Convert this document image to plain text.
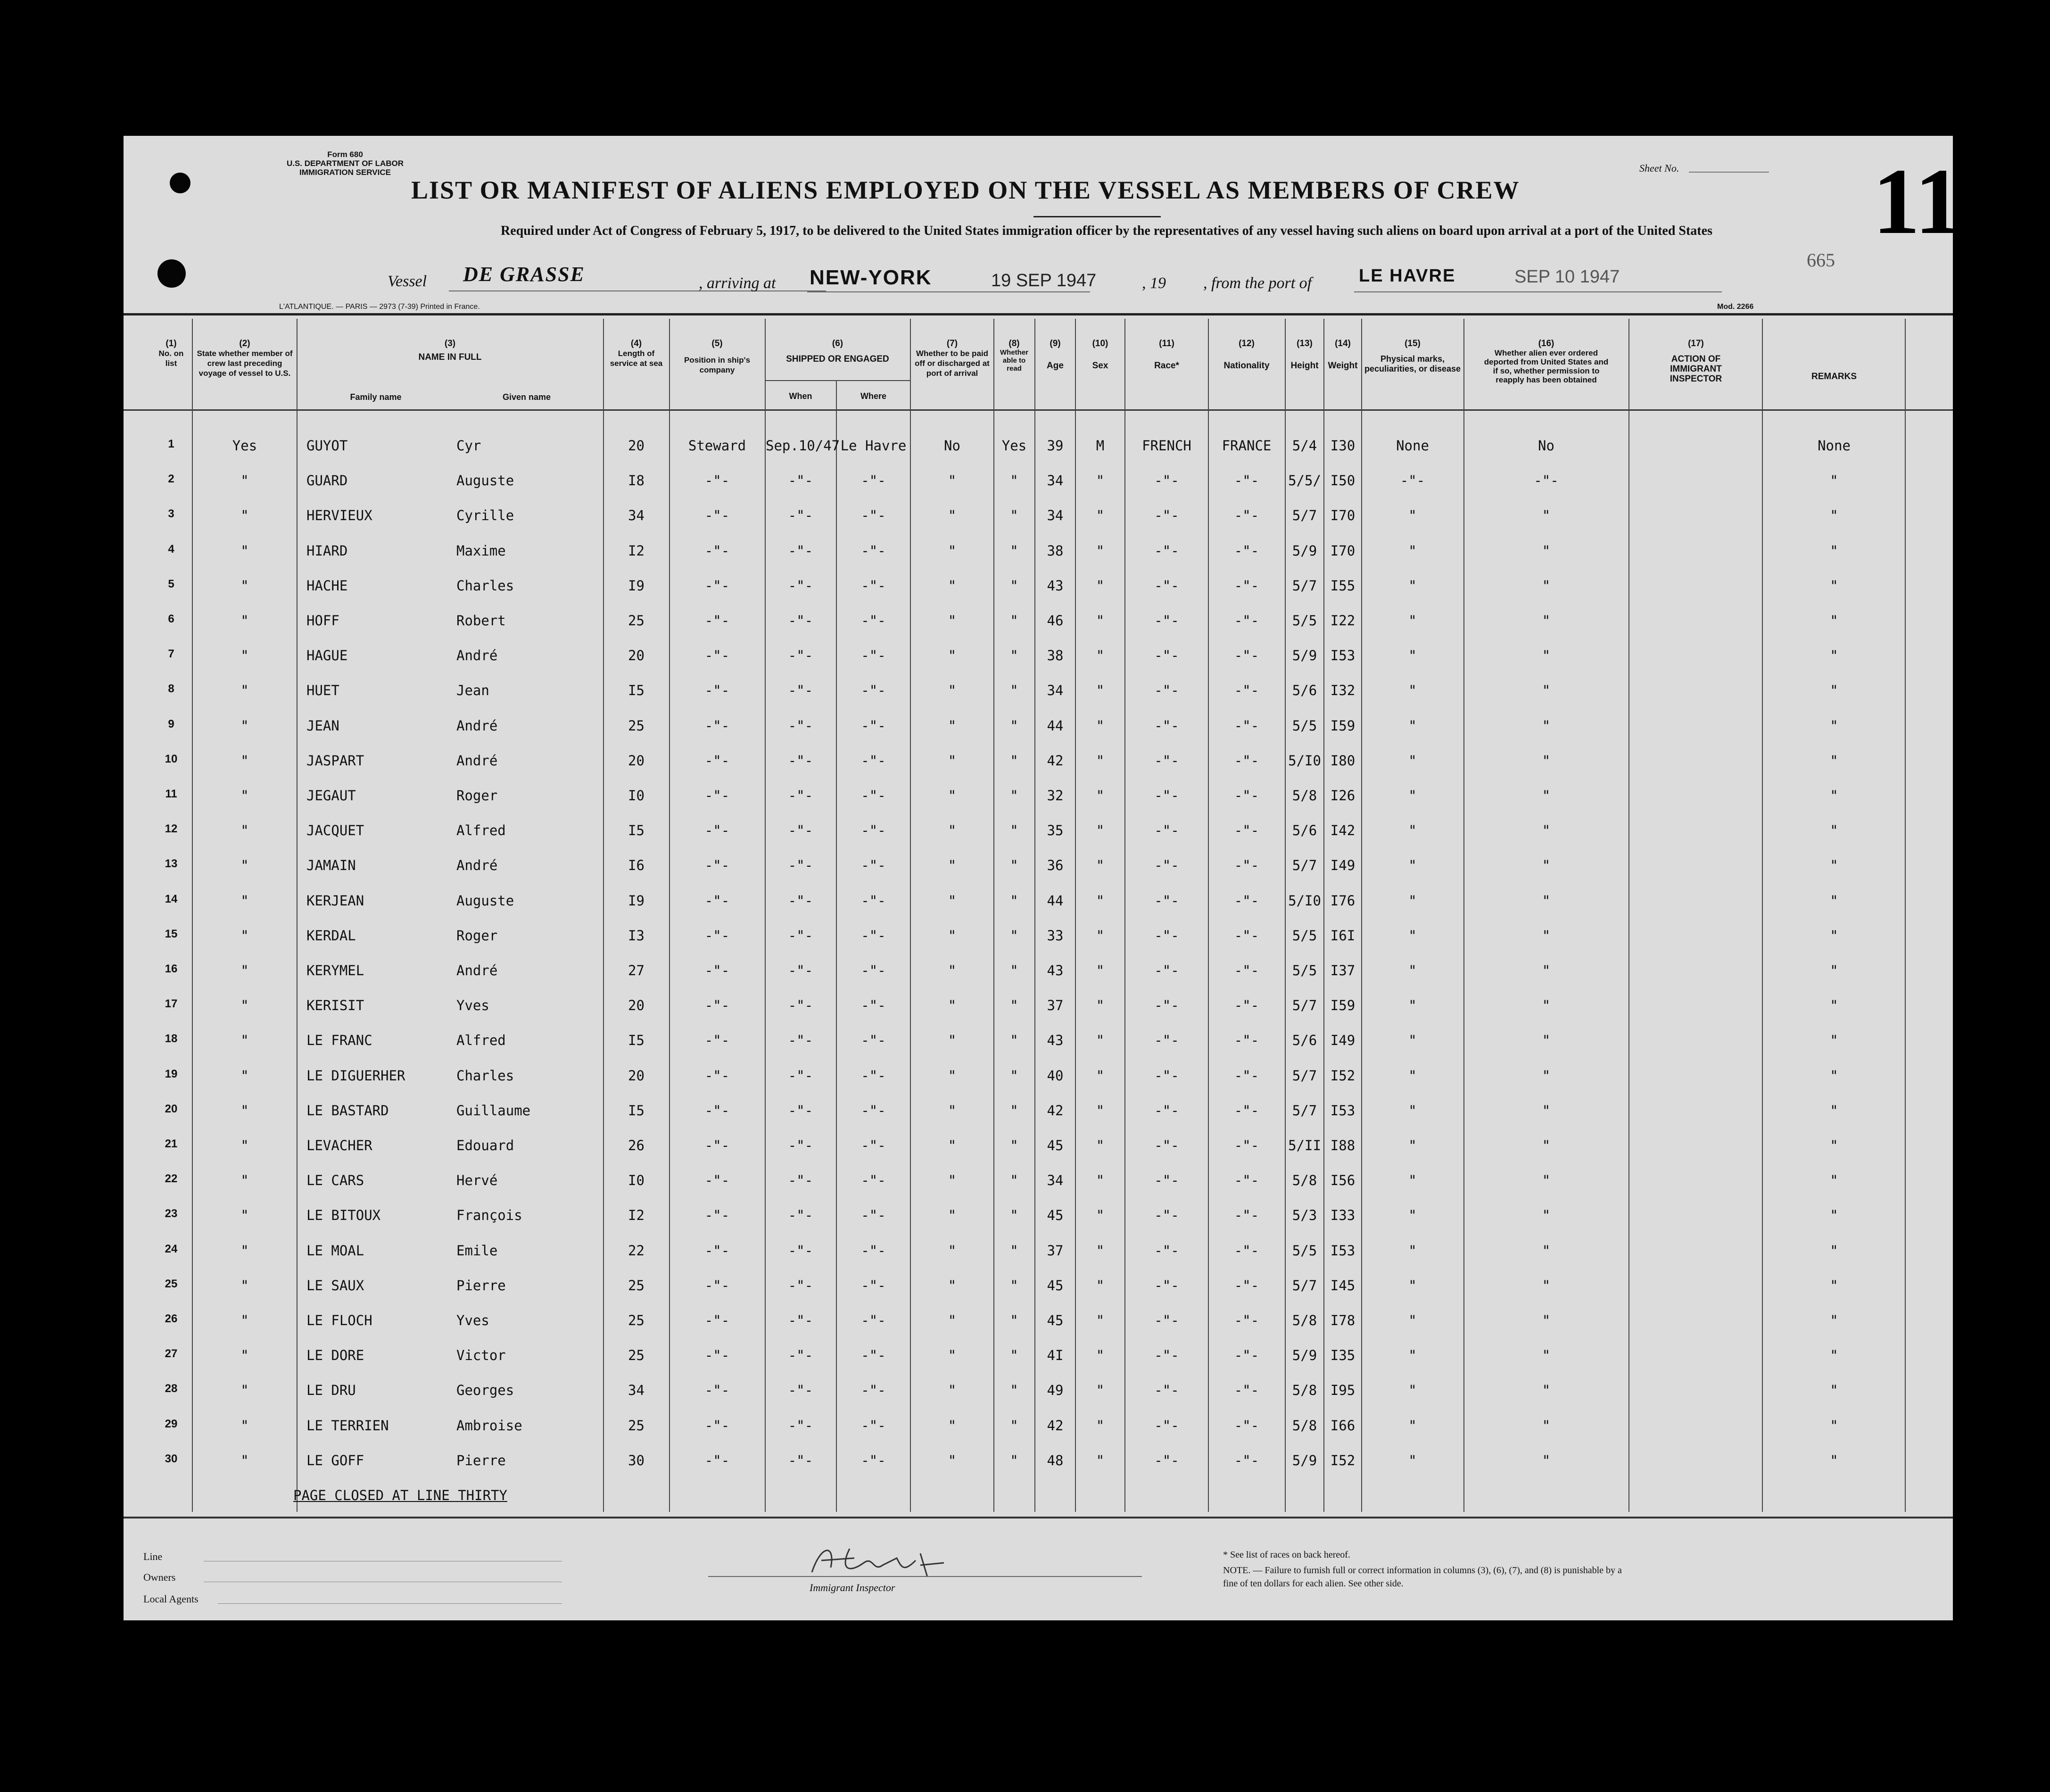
Form 680
U.S. DEPARTMENT OF LABOR
IMMIGRATION SERVICE	Sheet No. 11
LIST OR MANIFEST OF ALIENS EMPLOYED ON THE VESSEL AS MEMBERS OF CREW
Required under Act of Congress of February 5, 1917, to be delivered to the United States immigration officer by the representatives of any vessel having such aliens on board upon arrival at a port of the United States
665
Vessel DE GRASSE	, arriving at NEW-YORK	19 SEP 1947	, 19 , from the port of	LE HAVRE	SEP 10 1947
L'ATLANTIQUE. — PARIS — 2973 (7-39) Printed in France.	Mod. 2266
(1)
No. on list
(2)
State whether member of crew last preceding voyage of vessel to U.S.
(3)
NAME IN FULL
Family name	Given name
(4)
Length of service at sea
(5)
Position in ship's company
(6)
SHIPPED OR ENGAGED
When	Where
(7)
Whether to be paid off or discharged at port of arrival
(8)
Whether able to read
(9)
Age
(10)
Sex
(11)
Race*
(12)
Nationality
(13)
Height
(14)
Weight
(15)
Physical marks, peculiarities, or disease
(16)
Whether alien ever ordered deported from United States and if so, whether permission to reapply has been obtained
(17)
ACTION OF IMMIGRANT INSPECTOR	REMARKS
1	Yes	GUYOT	Cyr	20	Steward	Sep.10/47 Le Havre	No	Yes	39	M	FRENCH	FRANCE	5/4 I30	None	No	None
2	"	GUARD	Auguste	I8	-"-	-"-	-"-	"	"	34	"	-"-	-"-	5/5/ I50	-"-	-"-	"
3	"	HERVIEUX	Cyrille	34	-"-	-"-	-"-	"	"	34	"	-"-	-"-	5/7 I70	"	"	"
4	"	HIARD	Maxime	I2	-"-	-"-	-"-	"	"	38	"	-"-	-"-	5/9 I70	"	"	"
5	"	HACHE	Charles	I9	-"-	-"-	-"-	"	"	43	"	-"-	-"-	5/7 I55	"	"	"
6	"	HOFF	Robert	25	-"-	-"-	-"-	"	"	46	"	-"-	-"-	5/5 I22	"	"	"
7	"	HAGUE	André	20	-"-	-"-	-"-	"	"	38	"	-"-	-"-	5/9 I53	"	"	"
8	"	HUET	Jean	I5	-"-	-"-	-"-	"	"	34	"	-"-	-"-	5/6 I32	"	"	"
9	"	JEAN	André	25	-"-	-"-	-"-	"	"	44	"	-"-	-"-	5/5 I59	"	"	"
10	"	JASPART	André	20	-"-	-"-	-"-	"	"	42	"	-"-	-"-	5/I0 I80	"	"	"
11	"	JEGAUT	Roger	I0	-"-	-"-	-"-	"	"	32	"	-"-	-"-	5/8 I26	"	"	"
12	"	JACQUET	Alfred	I5	-"-	-"-	-"-	"	"	35	"	-"-	-"-	5/6 I42	"	"	"
13	"	JAMAIN	André	I6	-"-	-"-	-"-	"	"	36	"	-"-	-"-	5/7 I49	"	"	"
14	"	KERJEAN	Auguste	I9	-"-	-"-	-"-	"	"	44	"	-"-	-"-	5/I0 I76	"	"	"
15	"	KERDAL	Roger	I3	-"-	-"-	-"-	"	"	33	"	-"-	-"-	5/5 I6I	"	"	"
16	"	KERYMEL	André	27	-"-	-"-	-"-	"	"	43	"	-"-	-"-	5/5 I37	"	"	"
17	"	KERISIT	Yves	20	-"-	-"-	-"-	"	"	37	"	-"-	-"-	5/7 I59	"	"	"
18	"	LE FRANC	Alfred	I5	-"-	-"-	-"-	"	"	43	"	-"-	-"-	5/6 I49	"	"	"
19	"	LE DIGUERHER	Charles	20	-"-	-"-	-"-	"	"	40	"	-"-	-"-	5/7 I52	"	"	"
20	"	LE BASTARD	Guillaume	I5	-"-	-"-	-"-	"	"	42	"	-"-	-"-	5/7 I53	"	"	"
21	"	LEVACHER	Edouard	26	-"-	-"-	-"-	"	"	45	"	-"-	-"-	5/II I88	"	"	"
22	"	LE CARS	Hervé	I0	-"-	-"-	-"-	"	"	34	"	-"-	-"-	5/8 I56	"	"	"
23	"	LE BITOUX	François	I2	-"-	-"-	-"-	"	"	45	"	-"-	-"-	5/3 I33	"	"	"
24	"	LE MOAL	Emile	22	-"-	-"-	-"-	"	"	37	"	-"-	-"-	5/5 I53	"	"	"
25	"	LE SAUX	Pierre	25	-"-	-"-	-"-	"	"	45	"	-"-	-"-	5/7 I45	"	"	"
26	"	LE FLOCH	Yves	25	-"-	-"-	-"-	"	"	45	"	-"-	-"-	5/8 I78	"	"	"
27	"	LE DORE	Victor	25	-"-	-"-	-"-	"	"	4I	"	-"-	-"-	5/9 I35	"	"	"
28	"	LE DRU	Georges	34	-"-	-"-	-"-	"	"	49	"	-"-	-"-	5/8 I95	"	"	"
29	"	LE TERRIEN	Ambroise	25	-"-	-"-	-"-	"	"	42	"	-"-	-"-	5/8 I66	"	"	"
30	"	LE GOFF	Pierre	30	-"-	-"-	-"-	"	"	48	"	-"-	-"-	5/9 I52	"	"	"
PAGE CLOSED AT LINE THIRTY
Line
Owners
Local Agents
Immigrant Inspector
* See list of races on back hereof.
NOTE. — Failure to furnish full or correct information in columns (3), (6), (7), and (8) is punishable by a fine of ten dollars for each alien. See other side.
